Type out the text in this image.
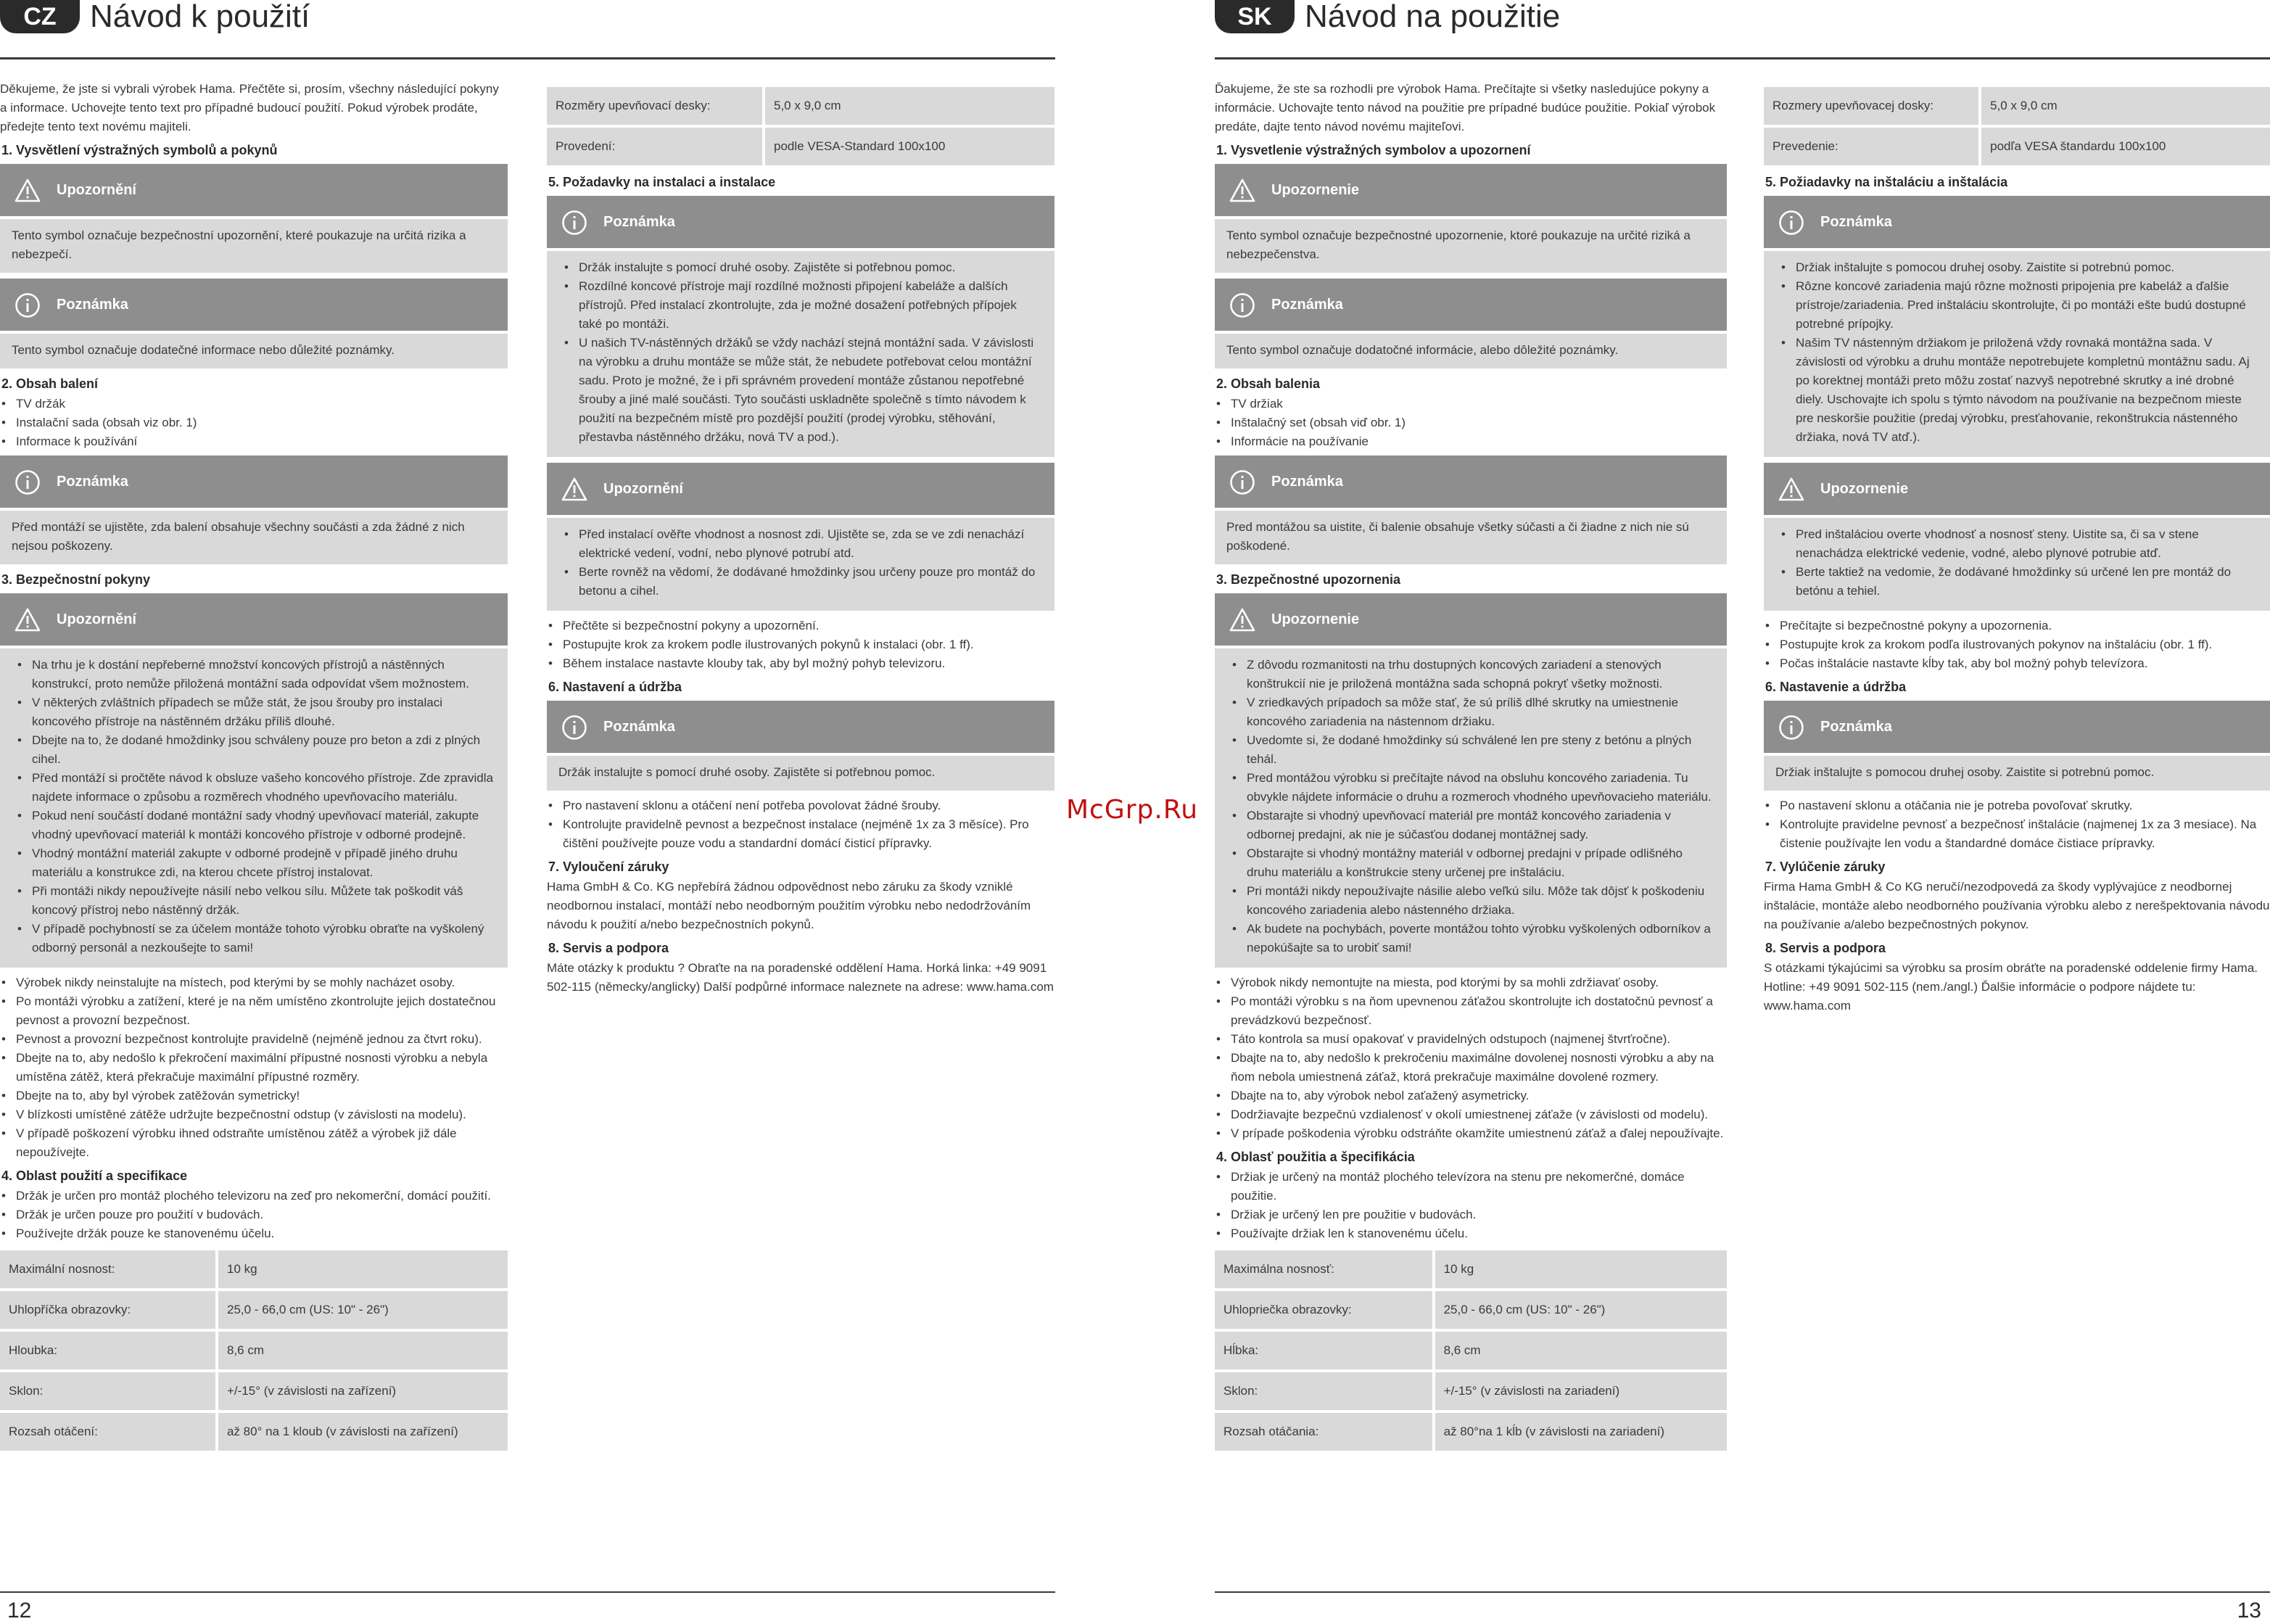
CZ	Návod k použití
Děkujeme, že jste si vybrali výrobek Hama. Přečtěte si, prosím, všechny následující pokyny a informace. Uchovejte tento text pro případné budoucí použití. Pokud výrobek prodáte, předejte tento text novému majiteli.
1. Vysvětlení výstražných symbolů a pokynů
Upozornění
Tento symbol označuje bezpečnostní upozornění, které poukazuje na určitá rizika a nebezpečí.
Poznámka
Tento symbol označuje dodatečné informace nebo důležité poznámky.
2. Obsah balení
• TV držák
• Instalační sada (obsah viz obr. 1)
• Informace k používání
Poznámka
Před montáží se ujistěte, zda balení obsahuje všechny součásti a zda žádné z nich nejsou poškozeny.
3. Bezpečnostní pokyny
Upozornění
• Na trhu je k dostání nepřeberné množství koncových přístrojů a nástěnných konstrukcí, proto nemůže přiložená montážní sada odpovídat všem možnostem.
• V některých zvláštních případech se může stát, že jsou šrouby pro instalaci koncového přístroje na nástěnném držáku příliš dlouhé.
• Dbejte na to, že dodané hmoždinky jsou schváleny pouze pro beton a zdi z plných cihel.
• Před montáží si pročtěte návod k obsluze vašeho koncového přístroje. Zde zpravidla najdete informace o způsobu a rozměrech vhodného upevňovacího materiálu.
• Pokud není součástí dodané montážní sady vhodný upevňovací materiál, zakupte vhodný upevňovací materiál k montáži koncového přístroje v odborné prodejně.
• Vhodný montážní materiál zakupte v odborné prodejně v případě jiného druhu materiálu a konstrukce zdi, na kterou chcete přístroj instalovat.
• Při montáži nikdy nepoužívejte násilí nebo velkou sílu. Můžete tak poškodit váš koncový přístroj nebo nástěnný držák.
• V případě pochybností se za účelem montáže tohoto výrobku obraťte na vyškolený odborný personál a nezkoušejte to sami!
• Výrobek nikdy neinstalujte na místech, pod kterými by se mohly nacházet osoby.
• Po montáži výrobku a zatížení, které je na něm umístěno zkontrolujte jejich dostatečnou pevnost a provozní bezpečnost.
• Pevnost a provozní bezpečnost kontrolujte pravidelně (nejméně jednou za čtvrt roku).
• Dbejte na to, aby nedošlo k překročení maximální přípustné nosnosti výrobku a nebyla umístěna zátěž, která překračuje maximální přípustné rozměry.
• Dbejte na to, aby byl výrobek zatěžován symetricky!
• V blízkosti umístěné zátěže udržujte bezpečnostní odstup (v závislosti na modelu).
• V případě poškození výrobku ihned odstraňte umístěnou zátěž a výrobek již dále nepoužívejte.
4. Oblast použití a specifikace
• Držák je určen pro montáž plochého televizoru na zeď pro nekomerční, domácí použití.
• Držák je určen pouze pro použití v budovách.
• Používejte držák pouze ke stanovenému účelu.
Maximální nosnost:	10 kg
Uhlopříčka obrazovky:	25,0 - 66,0 cm (US: 10" - 26")
Hloubka:	8,6 cm
Sklon:	+/-15° (v závislosti na zařízení)
Rozsah otáčení:	až 80° na 1 kloub (v závislosti na zařízení)
Rozměry upevňovací desky:	5,0 x 9,0 cm
Provedení:	podle VESA-Standard 100x100
5. Požadavky na instalaci a instalace
Poznámka
• Držák instalujte s pomocí druhé osoby. Zajistěte si potřebnou pomoc.
• Rozdílné koncové přístroje mají rozdílné možnosti připojení kabeláže a dalších přístrojů. Před instalací zkontrolujte, zda je možné dosažení potřebných přípojek také po montáži.
• U našich TV-nástěnných držáků se vždy nachází stejná montážní sada. V závislosti na výrobku a druhu montáže se může stát, že nebudete potřebovat celou montážní sadu. Proto je možné, že i při správném provedení montáže zůstanou nepotřebné šrouby a jiné malé součásti. Tyto součásti uskladněte společně s tímto návodem k použití na bezpečném místě pro pozdější použití (prodej výrobku, stěhování, přestavba nástěnného držáku, nová TV a pod.).
Upozornění
• Před instalací ověřte vhodnost a nosnost zdi. Ujistěte se, zda se ve zdi nenachází elektrické vedení, vodní, nebo plynové potrubí atd.
• Berte rovněž na vědomí, že dodávané hmoždinky jsou určeny pouze pro montáž do betonu a cihel.
• Přečtěte si bezpečnostní pokyny a upozornění.
• Postupujte krok za krokem podle ilustrovaných pokynů k instalaci (obr. 1 ff).
• Během instalace nastavte klouby tak, aby byl možný pohyb televizoru.
6. Nastavení a údržba
Poznámka
Držák instalujte s pomocí druhé osoby. Zajistěte si potřebnou pomoc.
• Pro nastavení sklonu a otáčení není potřeba povolovat žádné šrouby.
• Kontrolujte pravidelně pevnost a bezpečnost instalace (nejméně 1x za 3 měsíce). Pro čištění používejte pouze vodu a standardní domácí čisticí přípravky.
7. Vyloučení záruky
Hama GmbH & Co. KG nepřebírá žádnou odpovědnost nebo záruku za škody vzniklé neodbornou instalací, montáží nebo neodborným použitím výrobku nebo nedodržováním návodu k použití a/nebo bezpečnostních pokynů.
8. Servis a podpora
Máte otázky k produktu ? Obraťte na na poradenské oddělení Hama. Horká linka: +49 9091 502-115 (německy/anglicky) Další podpůrné informace naleznete na adrese: www.hama.com
12
SK	Návod na použitie
Ďakujeme, že ste sa rozhodli pre výrobok Hama. Prečítajte si všetky nasledujúce pokyny a informácie. Uchovajte tento návod na použitie pre prípadné budúce použitie. Pokiaľ výrobok predáte, dajte tento návod novému majiteľovi.
1. Vysvetlenie výstražných symbolov a upozornení
Upozornenie
Tento symbol označuje bezpečnostné upozornenie, ktoré poukazuje na určité riziká a nebezpečenstva.
Poznámka
Tento symbol označuje dodatočné informácie, alebo dôležité poznámky.
2. Obsah balenia
• TV držiak
• Inštalačný set (obsah viď obr. 1)
• Informácie na používanie
Poznámka
Pred montážou sa uistite, či balenie obsahuje všetky súčasti a či žiadne z nich nie sú poškodené.
3. Bezpečnostné upozornenia
Upozornenie
• Z dôvodu rozmanitosti na trhu dostupných koncových zariadení a stenových konštrukcií nie je priložená montážna sada schopná pokryť všetky možnosti.
• V zriedkavých prípadoch sa môže stať, že sú príliš dlhé skrutky na umiestnenie koncového zariadenia na nástennom držiaku.
• Uvedomte si, že dodané hmoždinky sú schválené len pre steny z betónu a plných tehál.
• Pred montážou výrobku si prečítajte návod na obsluhu koncového zariadenia. Tu obvykle nájdete informácie o druhu a rozmeroch vhodného upevňovacieho materiálu.
• Obstarajte si vhodný upevňovací materiál pre montáž koncového zariadenia v odbornej predajni, ak nie je súčasťou dodanej montážnej sady.
• Obstarajte si vhodný montážny materiál v odbornej predajni v prípade odlišného druhu materiálu a konštrukcie steny určenej pre inštaláciu.
• Pri montáži nikdy nepoužívajte násilie alebo veľkú silu. Môže tak dôjsť k poškodeniu koncového zariadenia alebo nástenného držiaka.
• Ak budete na pochybách, poverte montážou tohto výrobku vyškolených odborníkov a nepokúšajte sa to urobiť sami!
• Výrobok nikdy nemontujte na miesta, pod ktorými by sa mohli zdržiavať osoby.
• Po montáži výrobku s na ňom upevnenou záťažou skontrolujte ich dostatočnú pevnosť a prevádzkovú bezpečnosť.
• Táto kontrola sa musí opakovať v pravidelných odstupoch (najmenej štvrťročne).
• Dbajte na to, aby nedošlo k prekročeniu maximálne dovolenej nosnosti výrobku a aby na ňom nebola umiestnená záťaž, ktorá prekračuje maximálne dovolené rozmery.
• Dbajte na to, aby výrobok nebol zaťažený asymetricky.
• Dodržiavajte bezpečnú vzdialenosť v okolí umiestnenej záťaže (v závislosti od modelu).
• V prípade poškodenia výrobku odstráňte okamžite umiestnenú záťaž a ďalej nepoužívajte.
4. Oblasť použitia a špecifikácia
• Držiak je určený na montáž plochého televízora na stenu pre nekomerčné, domáce použitie.
• Držiak je určený len pre použitie v budovách.
• Používajte držiak len k stanovenému účelu.
Maximálna nosnosť:	10 kg
Uhlopriečka obrazovky:	25,0 - 66,0 cm (US: 10" - 26")
Hĺbka:	8,6 cm
Sklon:	+/-15° (v závislosti na zariadení)
Rozsah otáčania:	až 80°na 1 kĺb (v závislosti na zariadení)
Rozmery upevňovacej dosky:	5,0 x 9,0 cm
Prevedenie:	podľa VESA štandardu 100x100
5. Požiadavky na inštaláciu a inštalácia
Poznámka
• Držiak inštalujte s pomocou druhej osoby. Zaistite si potrebnú pomoc.
• Rôzne koncové zariadenia majú rôzne možnosti pripojenia pre kabeláž a ďalšie prístroje/zariadenia. Pred inštaláciu skontrolujte, či po montáži ešte budú dostupné potrebné prípojky.
• Našim TV nástenným držiakom je priložená vždy rovnaká montážna sada. V závislosti od výrobku a druhu montáže nepotrebujete kompletnú montážnu sadu. Aj po korektnej montáži preto môžu zostať nazvyš nepotrebné skrutky a iné drobné diely. Uschovajte ich spolu s týmto návodom na používanie na bezpečnom mieste pre neskoršie použitie (predaj výrobku, presťahovanie, rekonštrukcia nástenného držiaka, nová TV atď.).
Upozornenie
• Pred inštaláciou overte vhodnosť a nosnosť steny. Uistite sa, či sa v stene nenachádza elektrické vedenie, vodné, alebo plynové potrubie atď.
• Berte taktiež na vedomie, že dodávané hmoždinky sú určené len pre montáž do betónu a tehiel.
• Prečítajte si bezpečnostné pokyny a upozornenia.
• Postupujte krok za krokom podľa ilustrovaných pokynov na inštaláciu (obr. 1 ff).
• Počas inštalácie nastavte kĺby tak, aby bol možný pohyb televízora.
6. Nastavenie a údržba
Poznámka
Držiak inštalujte s pomocou druhej osoby. Zaistite si potrebnú pomoc.
• Po nastavení sklonu a otáčania nie je potreba povoľovať skrutky.
• Kontrolujte pravidelne pevnosť a bezpečnosť inštalácie (najmenej 1x za 3 mesiace). Na čistenie používajte len vodu a štandardné domáce čistiace prípravky.
7. Vylúčenie záruky
Firma Hama GmbH & Co KG neručí/nezodpovedá za škody vyplývajúce z neodbornej inštalácie, montáže alebo neodborného používania výrobku alebo z nerešpektovania návodu na používanie a/alebo bezpečnostných pokynov.
8. Servis a podpora
S otázkami týkajúcimi sa výrobku sa prosím obráťte na poradenské oddelenie firmy Hama. Hotline: +49 9091 502-115 (nem./angl.) Ďalšie informácie o podpore nájdete tu: www.hama.com
13
McGrp.Ru
